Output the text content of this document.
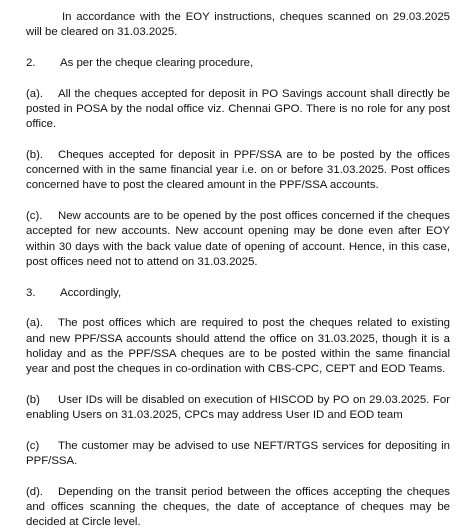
In accordance with the EOY instructions, cheques scanned on 29.03.2025 will be cleared on 31.03.2025.

2. As per the cheque clearing procedure,

(a). All the cheques accepted for deposit in PO Savings account shall directly be posted in POSA by the nodal office viz. Chennai GPO. There is no role for any post office.

(b). Cheques accepted for deposit in PPF/SSA are to be posted by the offices concerned with in the same financial year i.e. on or before 31.03.2025. Post offices concerned have to post the cleared amount in the PPF/SSA accounts.

(c). New accounts are to be opened by the post offices concerned if the cheques accepted for new accounts. New account opening may be done even after EOY within 30 days with the back value date of opening of account. Hence, in this case, post offices need not to attend on 31.03.2025.

3. Accordingly,

(a). The post offices which are required to post the cheques related to existing and new PPF/SSA accounts should attend the office on 31.03.2025, though it is a holiday and as the PPF/SSA cheques are to be posted within the same financial year and post the cheques in co-ordination with CBS-CPC, CEPT and EOD Teams.

(b) User IDs will be disabled on execution of HISCOD by PO on 29.03.2025. For enabling Users on 31.03.2025, CPCs may address User ID and EOD team

(c) The customer may be advised to use NEFT/RTGS services for depositing in PPF/SSA.

(d). Depending on the transit period between the offices accepting the cheques and offices scanning the cheques, the date of acceptance of cheques may be decided at Circle level.
